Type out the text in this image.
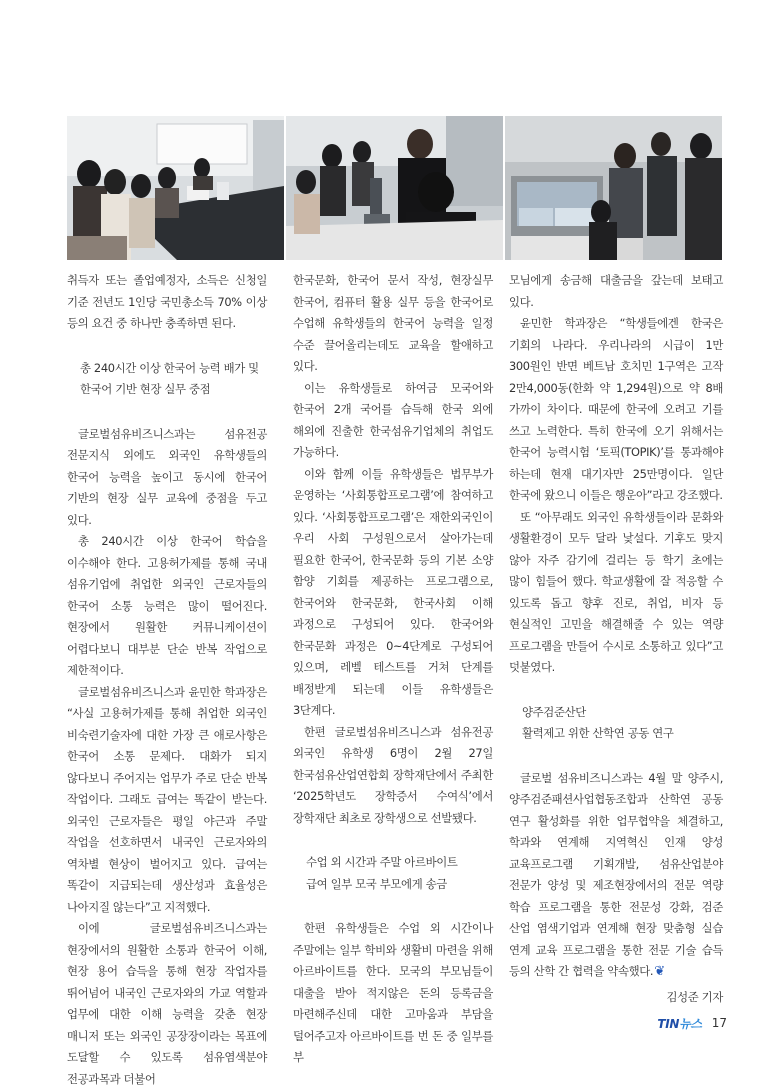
취득자 또는 졸업예정자, 소득은 신청일 기준 전년도 1인당 국민총소득 70% 이상 등의 요건 중 하나만 충족하면 된다.

총 240시간 이상 한국어 능력 배가 및

한국어 기반 현장 실무 중점

글로벌섬유비즈니스과는 섬유전공 전문지식 외에도 외국인 유학생들의 한국어 능력을 높이고 동시에 한국어 기반의 현장 실무 교육에 중점을 두고 있다.

총 240시간 이상 한국어 학습을 이수해야 한다. 고용허가제를 통해 국내 섬유기업에 취업한 외국인 근로자들의 한국어 소통 능력은 많이 떨어진다. 현장에서 원활한 커뮤니케이션이 어렵다보니 대부분 단순 반복 작업으로 제한적이다.

글로벌섬유비즈니스과 윤민한 학과장은 “사실 고용허가제를 통해 취업한 외국인 비숙련기술자에 대한 가장 큰 애로사항은 한국어 소통 문제다. 대화가 되지 않다보니 주어지는 업무가 주로 단순 반복 작업이다. 그래도 급여는 똑같이 받는다. 외국인 근로자들은 평일 야근과 주말 작업을 선호하면서 내국인 근로자와의 역차별 현상이 벌어지고 있다. 급여는 똑같이 지급되는데 생산성과 효율성은 나아지질 않는다”고 지적했다.

이에 글로벌섬유비즈니스과는 현장에서의 원활한 소통과 한국어 이해, 현장 용어 습득을 통해 현장 작업자를 뛰어넘어 내국인 근로자와의 가교 역할과 업무에 대한 이해 능력을 갖춘 현장 매니저 또는 외국인 공장장이라는 목표에 도달할 수 있도록 섬유염색분야 전공과목과 더불어

한국문화, 한국어 문서 작성, 현장실무 한국어, 컴퓨터 활용 실무 등을 한국어로 수업해 유학생들의 한국어 능력을 일정 수준 끌어올리는데도 교육을 할애하고 있다.

이는 유학생들로 하여금 모국어와 한국어 2개 국어를 습득해 한국 외에 해외에 진출한 한국섬유기업체의 취업도 가능하다.

이와 함께 이들 유학생들은 법무부가 운영하는 ‘사회통합프로그램’에 참여하고 있다. ‘사회통합프로그램’은 재한외국인이 우리 사회 구성원으로서 살아가는데 필요한 한국어, 한국문화 등의 기본 소양 함양 기회를 제공하는 프로그램으로, 한국어와 한국문화, 한국사회 이해 과정으로 구성되어 있다. 한국어와 한국문화 과정은 0~4단계로 구성되어 있으며, 레벨 테스트를 거쳐 단계를 배정받게 되는데 이들 유학생들은 3단계다.

한편 글로벌섬유비즈니스과 섬유전공 외국인 유학생 6명이 2월 27일 한국섬유산업연합회 장학재단에서 주최한 ‘2025학년도 장학증서 수여식’에서 장학재단 최초로 장학생으로 선발됐다.

수업 외 시간과 주말 아르바이트

급여 일부 모국 부모에게 송금

한편 유학생들은 수업 외 시간이나 주말에는 일부 학비와 생활비 마련을 위해 아르바이트를 한다. 모국의 부모님들이 대출을 받아 적지않은 돈의 등록금을 마련해주신데 대한 고마움과 부담을 덜어주고자 아르바이트를 번 돈 중 일부를 부

모님에게 송금해 대출금을 갚는데 보태고 있다.

윤민한 학과장은 “학생들에겐 한국은 기회의 나라다. 우리나라의 시급이 1만 300원인 반면 베트남 호치민 1구역은 고작 2만4,000동(한화 약 1,294원)으로 약 8배 가까이 차이다. 때문에 한국에 오려고 기를 쓰고 노력한다. 특히 한국에 오기 위해서는 한국어 능력시험 ‘토픽(TOPIK)’를 통과해야 하는데 현재 대기자만 25만명이다. 일단 한국에 왔으니 이들은 행운아”라고 강조했다.

또 “아무래도 외국인 유학생들이라 문화와 생활환경이 모두 달라 낯설다. 기후도 맞지 않아 자주 감기에 걸리는 등 학기 초에는 많이 힘들어 했다. 학교생활에 잘 적응할 수 있도록 돕고 향후 진로, 취업, 비자 등 현실적인 고민을 해결해줄 수 있는 역량 프로그램을 만들어 수시로 소통하고 있다”고 덧붙였다.

양주검준산단

활력제고 위한 산학연 공동 연구

글로벌 섬유비즈니스과는 4월 말 양주시, 양주검준패션사업협동조합과 산학연 공동 연구 활성화를 위한 업무협약을 체결하고, 학과와 연계해 지역혁신 인재 양성 교육프로그램 기획개발, 섬유산업분야 전문가 양성 및 제조현장에서의 전문 역량 학습 프로그램을 통한 전문성 강화, 검준 산업 염색기업과 연계해 현장 맞춤형 실습 연계 교육 프로그램을 통한 전문 기술 습득 등의 산학 간 협력을 약속했다.❦

김성준 기자

TIN뉴스 17
